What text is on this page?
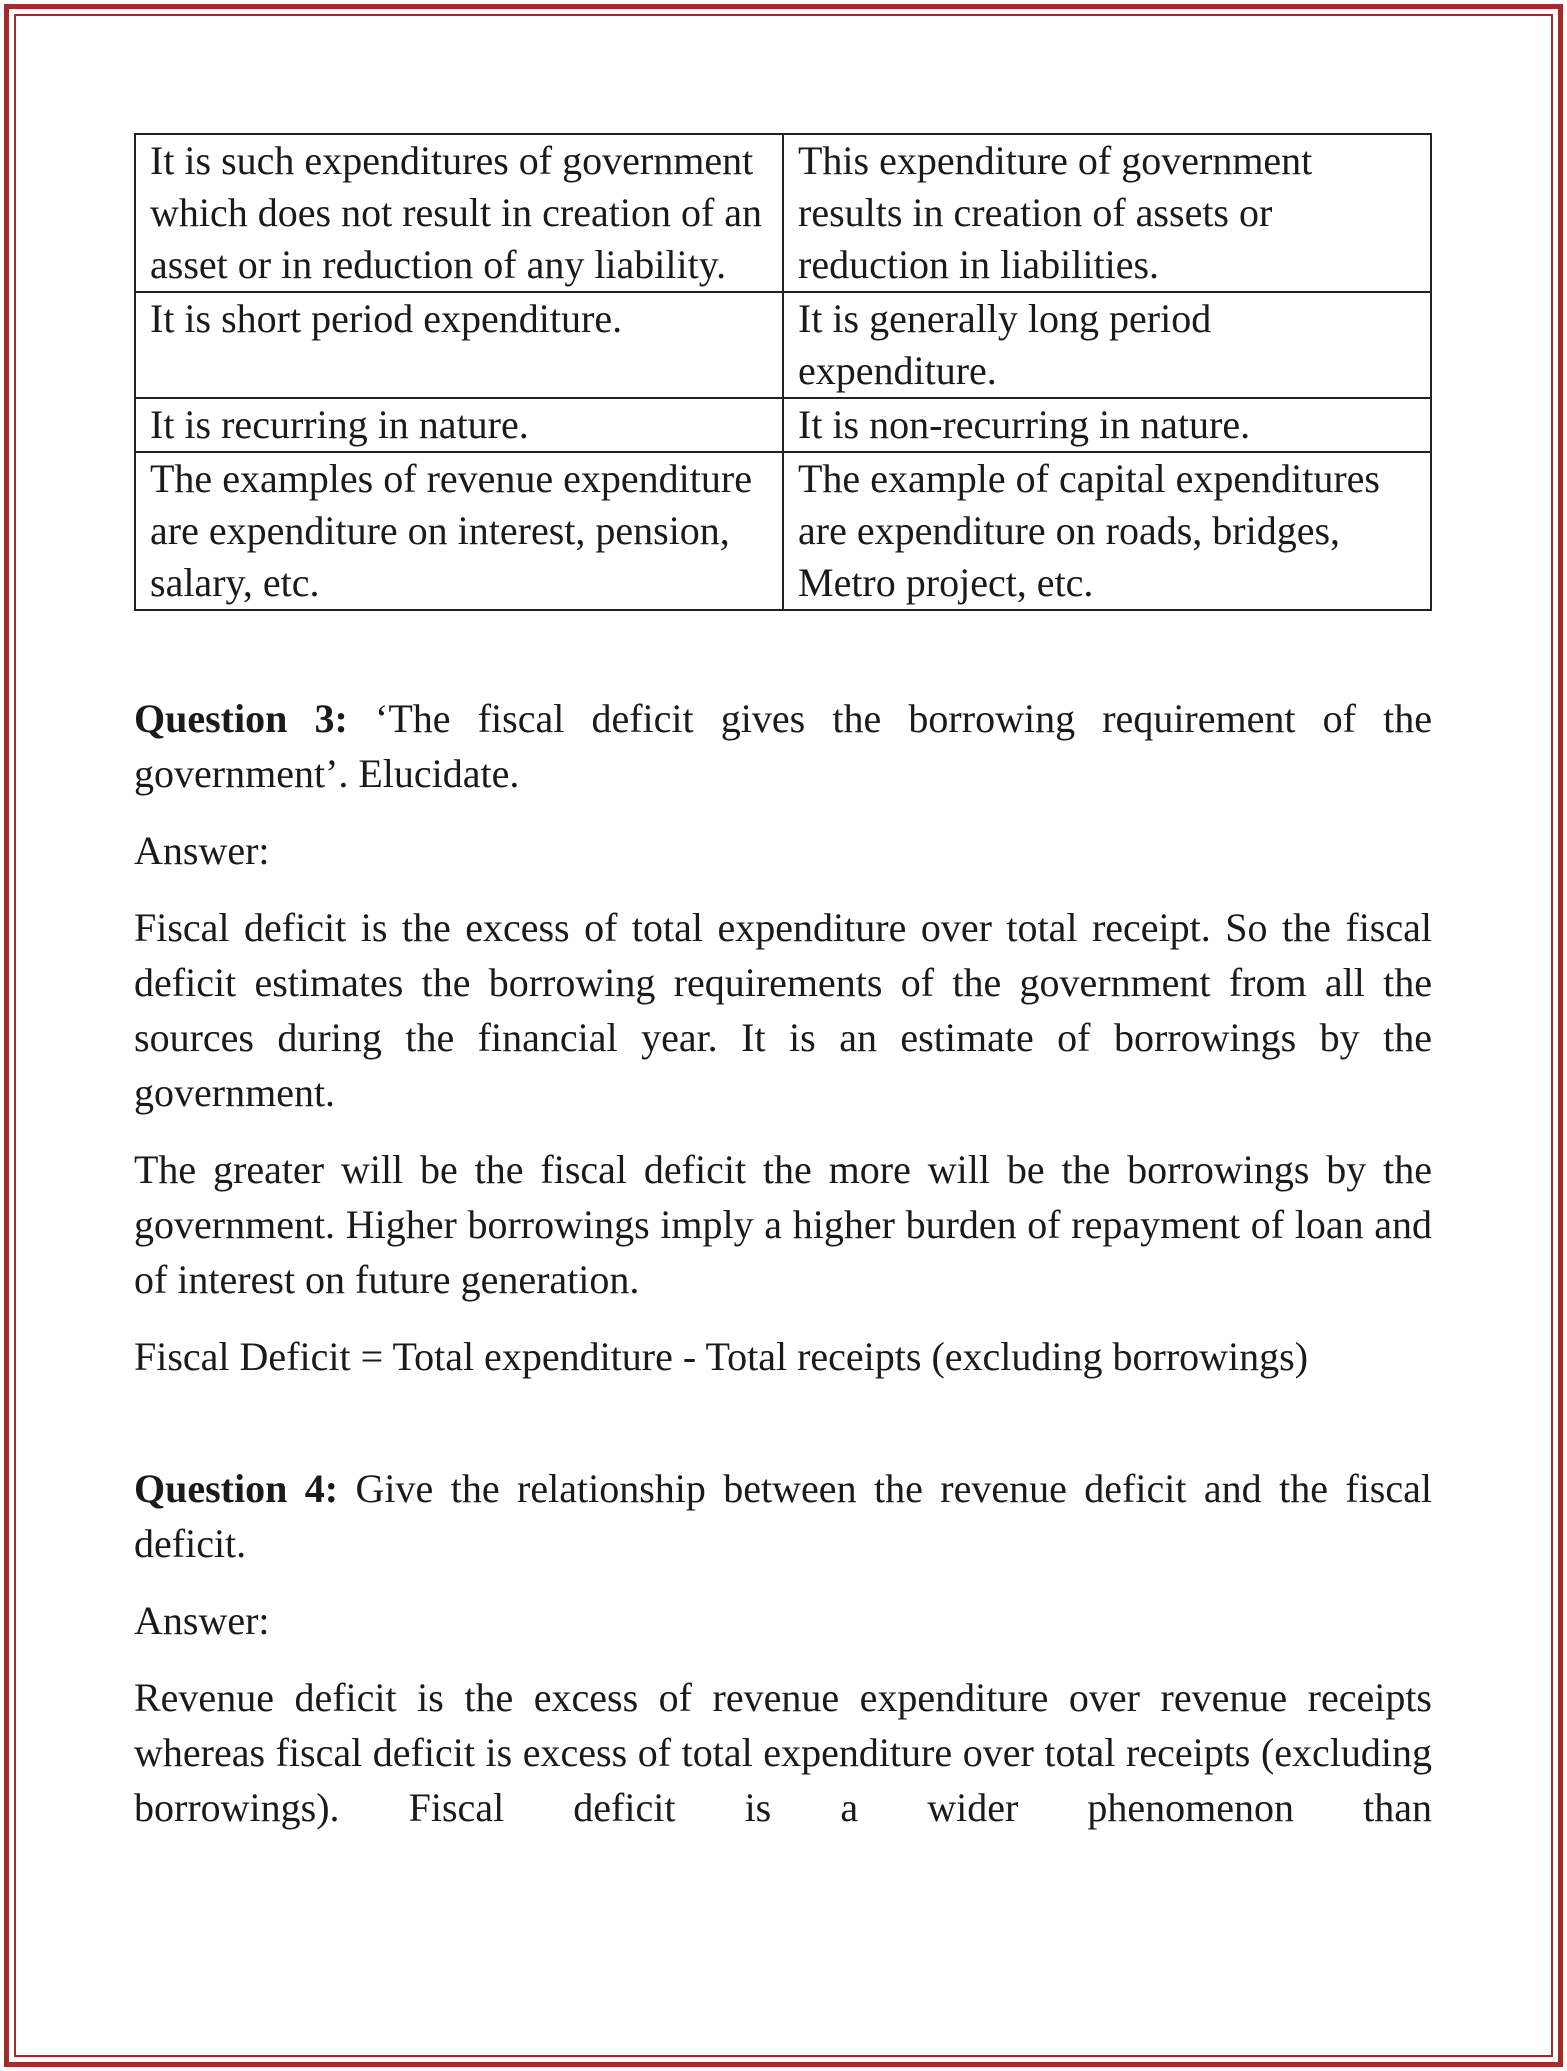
It is such expenditures of government which does not result in creation of an asset or in reduction of any liability.	This expenditure of government results in creation of assets or reduction in liabilities.
It is short period expenditure.	It is generally long period expenditure.
It is recurring in nature.	It is non-recurring in nature.
The examples of revenue expenditure are expenditure on interest, pension, salary, etc.	The example of capital expenditures are expenditure on roads, bridges, Metro project, etc.

Question 3: ‘The fiscal deficit gives the borrowing requirement of the government’. Elucidate.

Answer:

Fiscal deficit is the excess of total expenditure over total receipt. So the fiscal deficit estimates the borrowing requirements of the government from all the sources during the financial year. It is an estimate of borrowings by the government.

The greater will be the fiscal deficit the more will be the borrowings by the government. Higher borrowings imply a higher burden of repayment of loan and of interest on future generation.

Fiscal Deficit = Total expenditure - Total receipts (excluding borrowings)

Question 4: Give the relationship between the revenue deficit and the fiscal deficit.

Answer:

Revenue deficit is the excess of revenue expenditure over revenue receipts whereas fiscal deficit is excess of total expenditure over total receipts (excluding borrowings). Fiscal deficit is a wider phenomenon than
